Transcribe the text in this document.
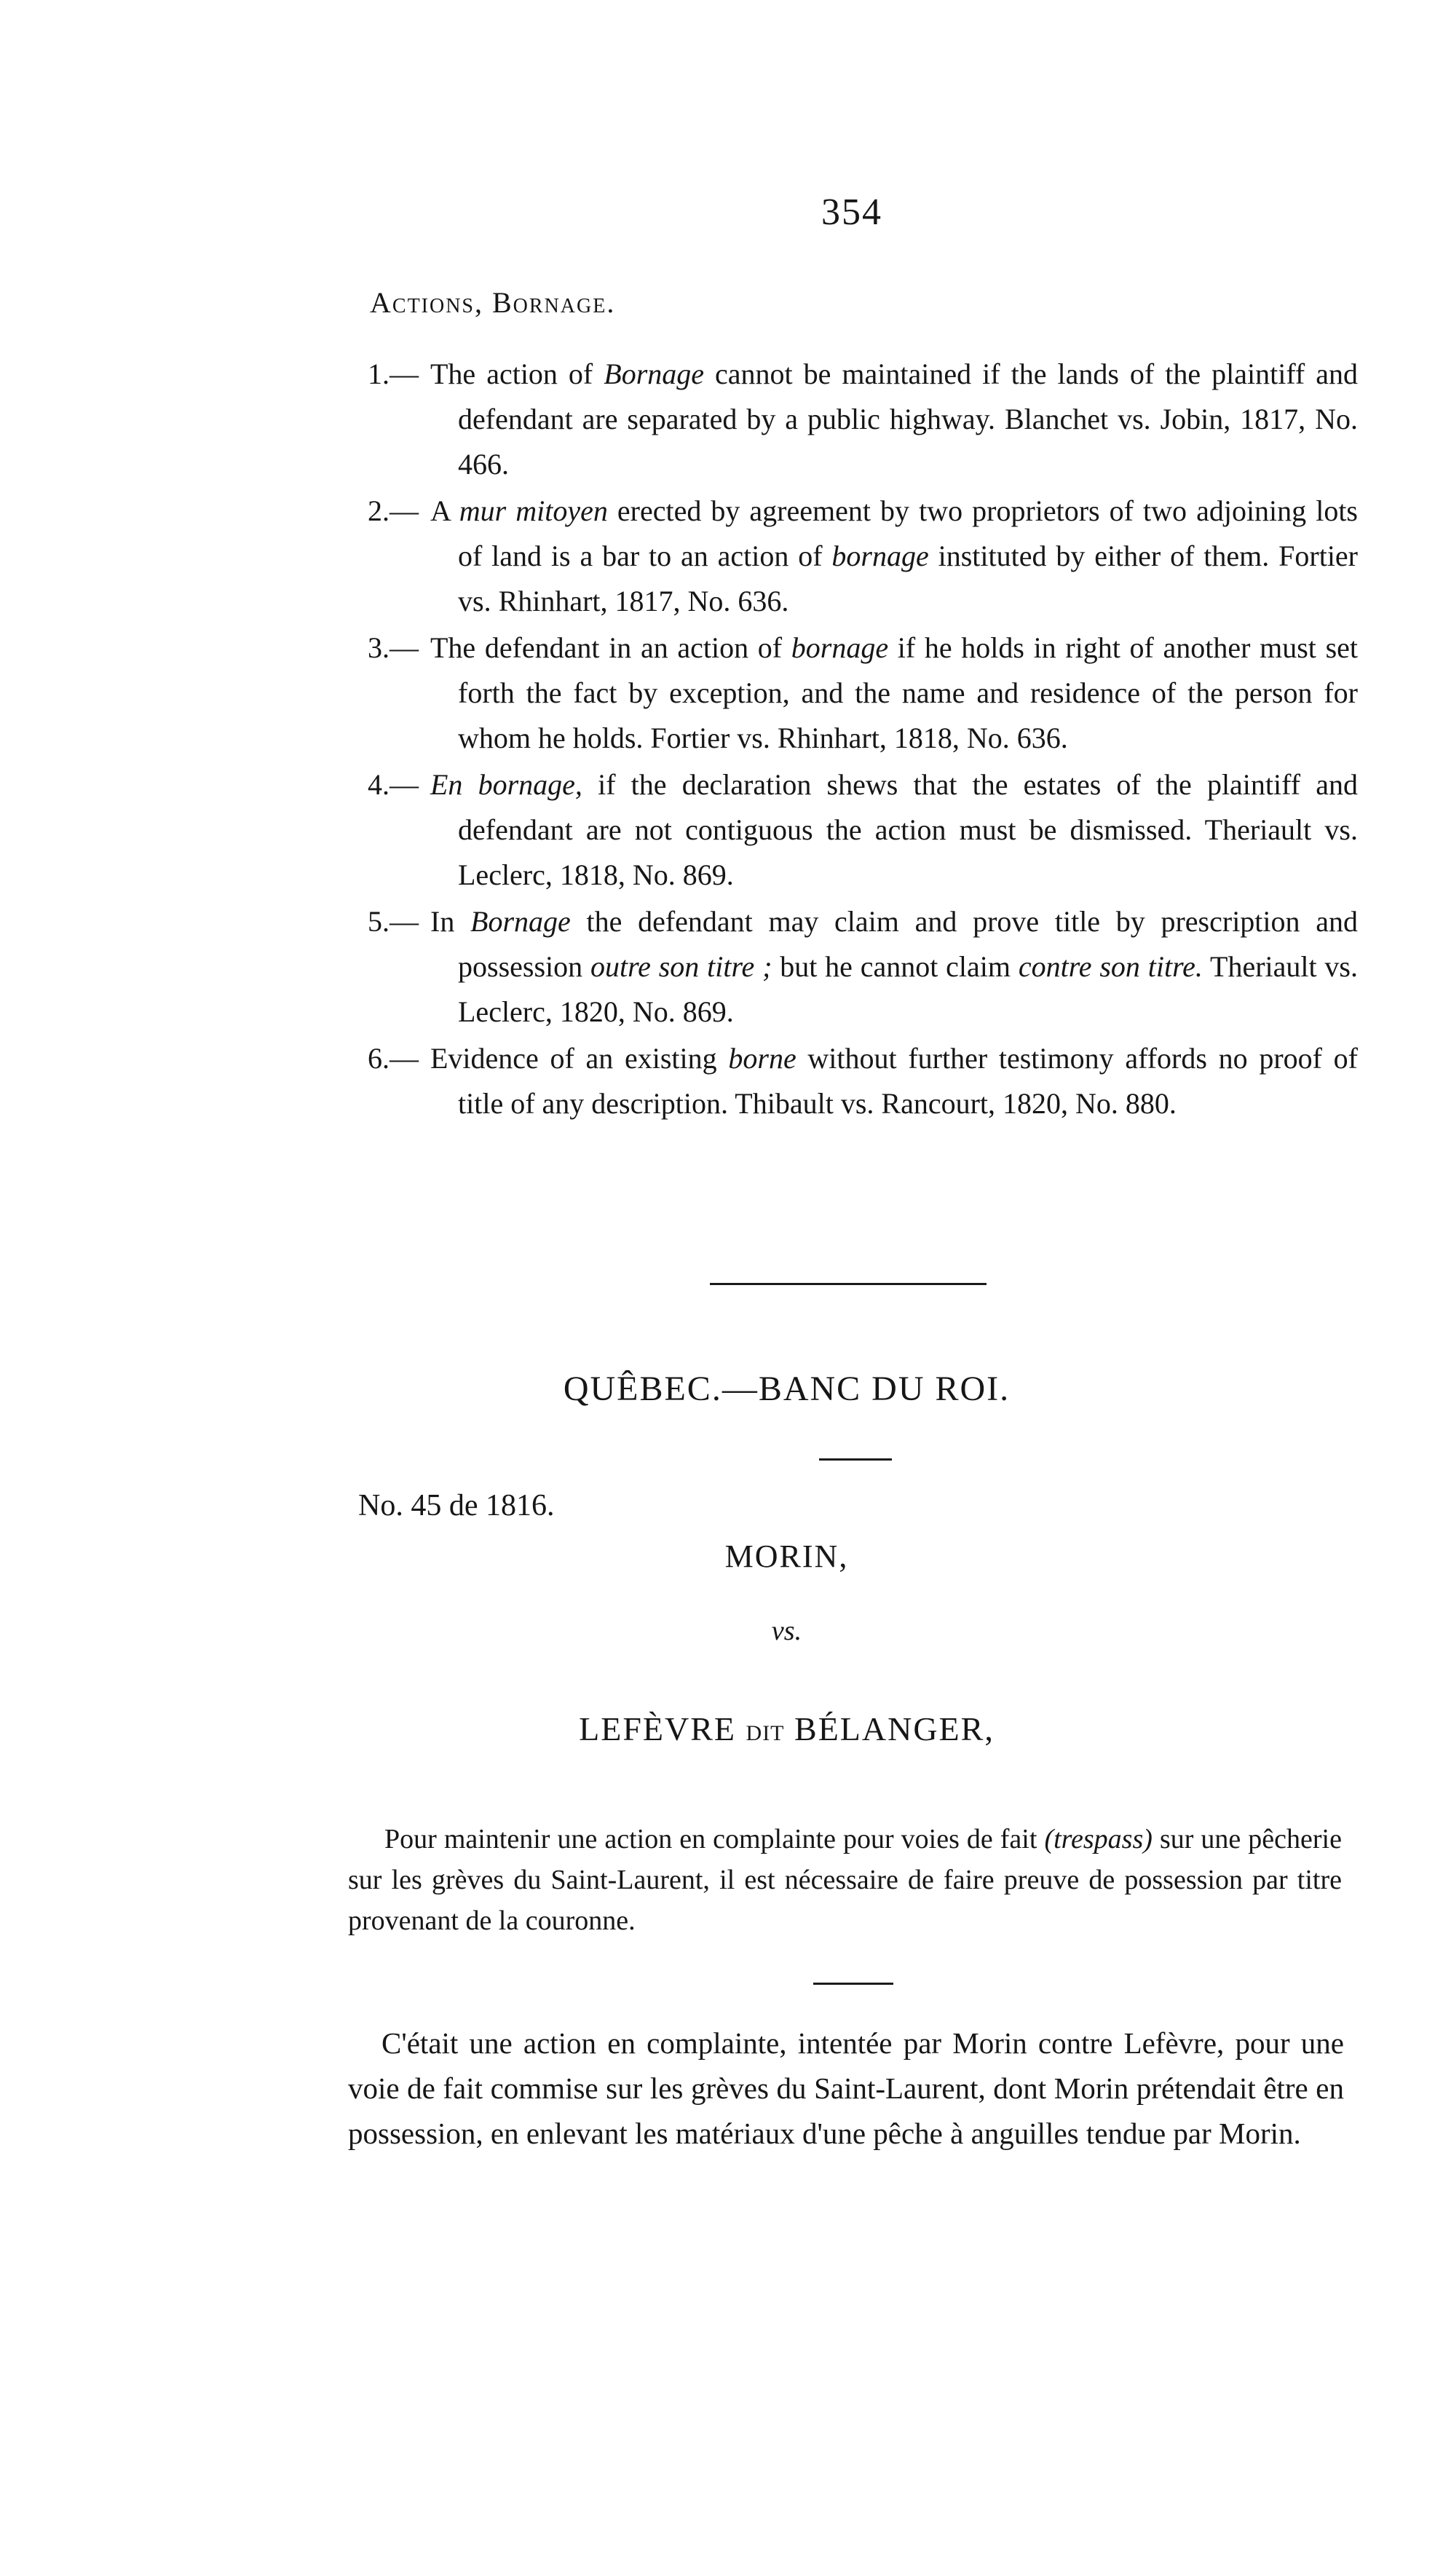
354
Actions, Bornage.

1.— The action of Bornage cannot be maintained if the lands of the plaintiff and defendant are separated by a public highway. Blanchet vs. Jobin, 1817, No. 466.

2.— A mur mitoyen erected by agreement by two proprietors of two adjoining lots of land is a bar to an action of bornage instituted by either of them. Fortier vs. Rhinhart, 1817, No. 636.

3.— The defendant in an action of bornage if he holds in right of another must set forth the fact by exception, and the name and residence of the person for whom he holds. Fortier vs. Rhinhart, 1818, No. 636.

4.— En bornage, if the declaration shews that the estates of the plaintiff and defendant are not contiguous the action must be dismissed. Theriault vs. Leclerc, 1818, No. 869.

5.— In Bornage the defendant may claim and prove title by prescription and possession outre son titre ; but he cannot claim contre son titre. Theriault vs. Leclerc, 1820, No. 869.

6.— Evidence of an existing borne without further testimony affords no proof of title of any description. Thibault vs. Rancourt, 1820, No. 880.

QUÊBEC.—BANC DU ROI.
No. 45 de 1816.
MORIN,
vs.
LEFÈVRE DIT BÉLANGER,
Pour maintenir une action en complainte pour voies de fait (trespass) sur une pêcherie sur les grèves du Saint-Laurent, il est nécessaire de faire preuve de possession par titre provenant de la couronne.
C'était une action en complainte, intentée par Morin contre Lefèvre, pour une voie de fait commise sur les grèves du Saint-Laurent, dont Morin prétendait être en possession, en enlevant les matériaux d'une pêche à anguilles tendue par Morin.
